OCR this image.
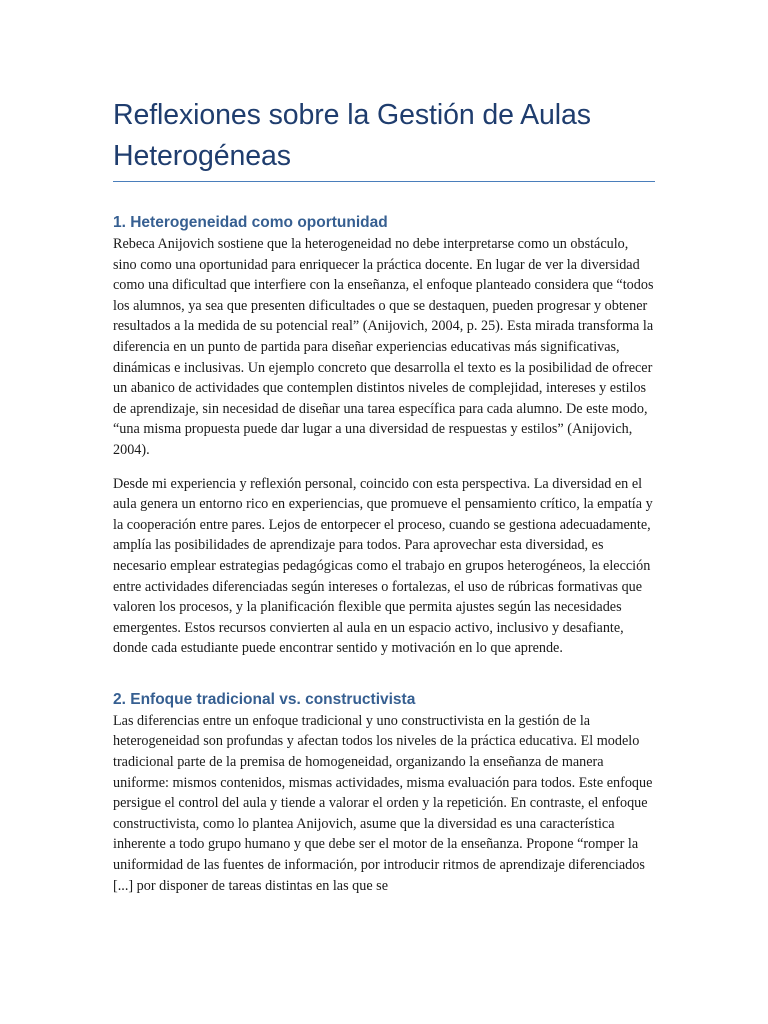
Reflexiones sobre la Gestión de Aulas Heterogéneas
1. Heterogeneidad como oportunidad

Rebeca Anijovich sostiene que la heterogeneidad no debe interpretarse como un obstáculo, sino como una oportunidad para enriquecer la práctica docente. En lugar de ver la diversidad como una dificultad que interfiere con la enseñanza, el enfoque planteado considera que “todos los alumnos, ya sea que presenten dificultades o que se destaquen, pueden progresar y obtener resultados a la medida de su potencial real” (Anijovich, 2004, p. 25). Esta mirada transforma la diferencia en un punto de partida para diseñar experiencias educativas más significativas, dinámicas e inclusivas. Un ejemplo concreto que desarrolla el texto es la posibilidad de ofrecer un abanico de actividades que contemplen distintos niveles de complejidad, intereses y estilos de aprendizaje, sin necesidad de diseñar una tarea específica para cada alumno. De este modo, “una misma propuesta puede dar lugar a una diversidad de respuestas y estilos” (Anijovich, 2004).

Desde mi experiencia y reflexión personal, coincido con esta perspectiva. La diversidad en el aula genera un entorno rico en experiencias, que promueve el pensamiento crítico, la empatía y la cooperación entre pares. Lejos de entorpecer el proceso, cuando se gestiona adecuadamente, amplía las posibilidades de aprendizaje para todos. Para aprovechar esta diversidad, es necesario emplear estrategias pedagógicas como el trabajo en grupos heterogéneos, la elección entre actividades diferenciadas según intereses o fortalezas, el uso de rúbricas formativas que valoren los procesos, y la planificación flexible que permita ajustes según las necesidades emergentes. Estos recursos convierten al aula en un espacio activo, inclusivo y desafiante, donde cada estudiante puede encontrar sentido y motivación en lo que aprende.

2. Enfoque tradicional vs. constructivista

Las diferencias entre un enfoque tradicional y uno constructivista en la gestión de la heterogeneidad son profundas y afectan todos los niveles de la práctica educativa. El modelo tradicional parte de la premisa de homogeneidad, organizando la enseñanza de manera uniforme: mismos contenidos, mismas actividades, misma evaluación para todos. Este enfoque persigue el control del aula y tiende a valorar el orden y la repetición. En contraste, el enfoque constructivista, como lo plantea Anijovich, asume que la diversidad es una característica inherente a todo grupo humano y que debe ser el motor de la enseñanza. Propone “romper la uniformidad de las fuentes de información, por introducir ritmos de aprendizaje diferenciados [...] por disponer de tareas distintas en las que se
